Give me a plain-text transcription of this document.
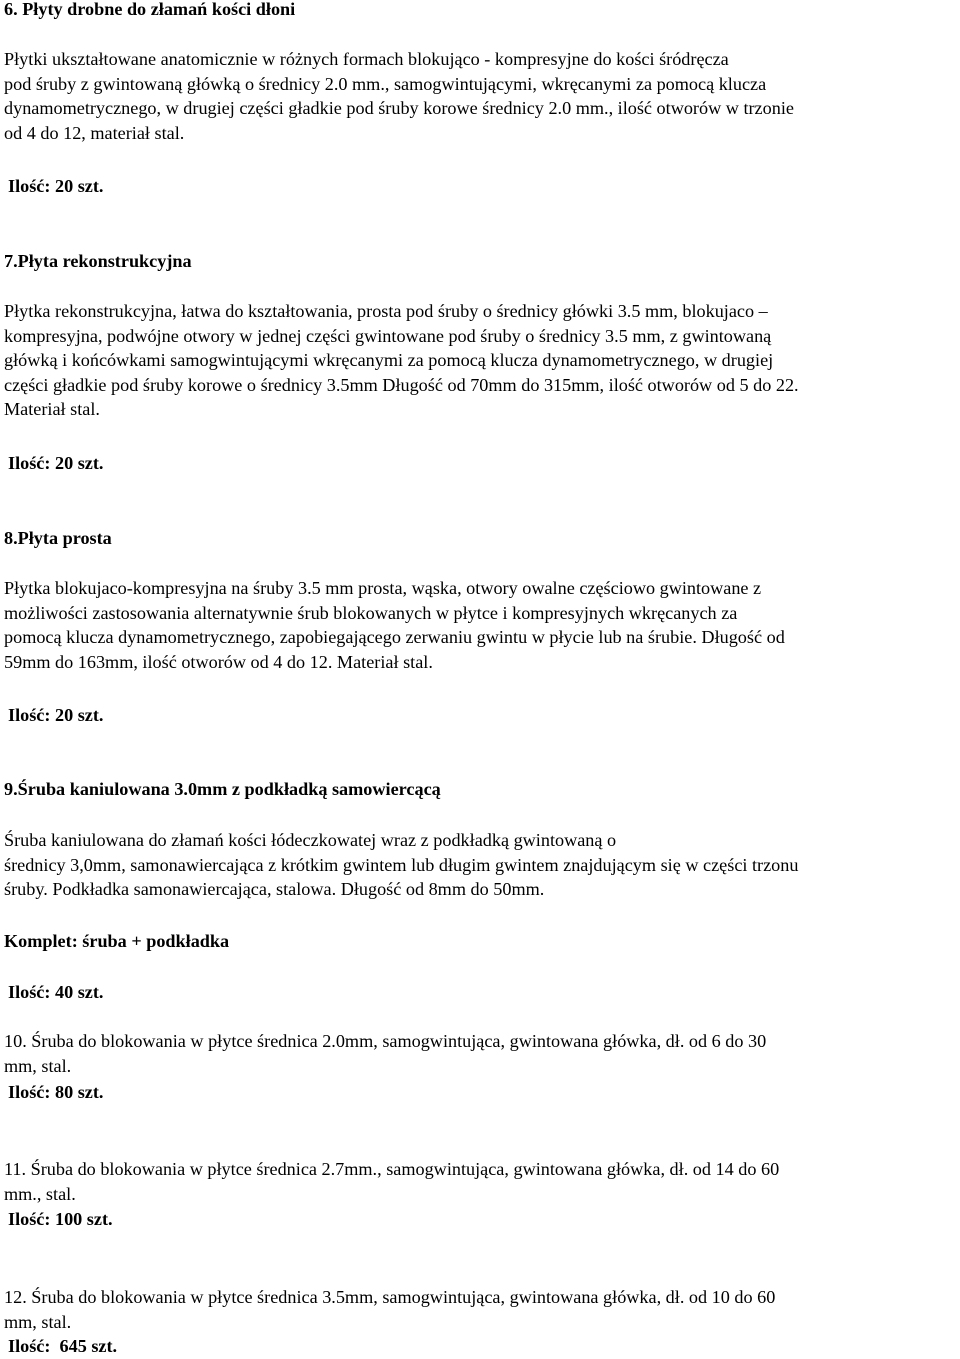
6. Płyty drobne do złamań kości dłoni
Płytki ukształtowane anatomicznie w różnych formach blokująco - kompresyjne do kości śródręcza
pod śruby z gwintowaną główką o średnicy 2.0 mm., samogwintującymi, wkręcanymi za pomocą klucza
dynamometrycznego, w drugiej części gładkie pod śruby korowe średnicy 2.0 mm., ilość otworów w trzonie
od 4 do 12, materiał stal.
Ilość: 20 szt.
7.Płyta rekonstrukcyjna
Płytka rekonstrukcyjna, łatwa do kształtowania, prosta pod śruby o średnicy główki 3.5 mm, blokujaco –
kompresyjna, podwójne otwory w jednej części gwintowane pod śruby o średnicy 3.5 mm, z gwintowaną
główką i końcówkami samogwintującymi wkręcanymi za pomocą klucza dynamometrycznego, w drugiej
części gładkie pod śruby korowe o średnicy 3.5mm Długość od 70mm do 315mm, ilość otworów od 5 do 22.
Materiał stal.
Ilość: 20 szt.
8.Płyta prosta
Płytka blokujaco-kompresyjna na śruby 3.5 mm prosta, wąska, otwory owalne częściowo gwintowane z
możliwości zastosowania alternatywnie śrub blokowanych w płytce i kompresyjnych wkręcanych za
pomocą klucza dynamometrycznego, zapobiegającego zerwaniu gwintu w płycie lub na śrubie. Długość od
59mm do 163mm, ilość otworów od 4 do 12. Materiał stal.
Ilość: 20 szt.
9.Śruba kaniulowana 3.0mm z podkładką samowiercącą
Śruba kaniulowana do złamań kości łódeczkowatej wraz z podkładką gwintowaną o
średnicy 3,0mm, samonawiercająca z krótkim gwintem lub długim gwintem znajdującym się w części trzonu
śruby. Podkładka samonawiercająca, stalowa. Długość od 8mm do 50mm.
Komplet: śruba + podkładka
Ilość: 40 szt.
10. Śruba do blokowania w płytce średnica 2.0mm, samogwintująca, gwintowana główka, dł. od 6 do 30
mm, stal.
Ilość: 80 szt.
11. Śruba do blokowania w płytce średnica 2.7mm., samogwintująca, gwintowana główka, dł. od 14 do 60
mm., stal.
Ilość: 100 szt.
12. Śruba do blokowania w płytce średnica 3.5mm, samogwintująca, gwintowana główka, dł. od 10 do 60
mm, stal.
Ilość:  645 szt.
